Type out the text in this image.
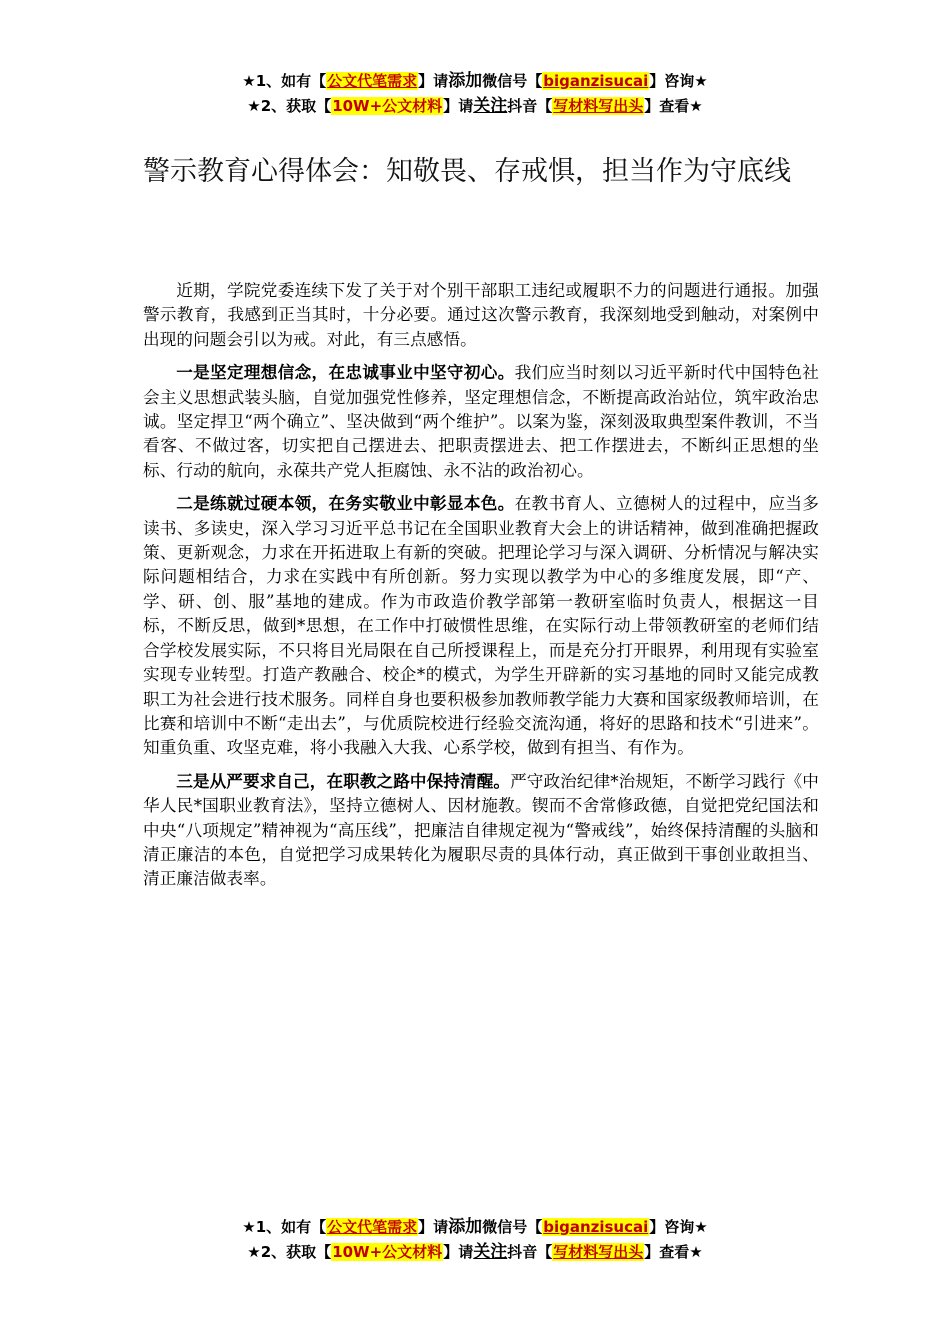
★1、如有【公文代笔需求】请添加微信号【biganzisucai】咨询★
★2、获取【10W+公文材料】请关注抖音【写材料写出头】查看★
警示教育心得体会：知敬畏、存戒惧，担当作为守底线

近期，学院党委连续下发了关于对个别干部职工违纪或履职不力的问题进行通报。加强警示教育，我感到正当其时，十分必要。通过这次警示教育，我深刻地受到触动，对案例中出现的问题会引以为戒。对此，有三点感悟。

一是坚定理想信念，在忠诚事业中坚守初心。我们应当时刻以习近平新时代中国特色社会主义思想武装头脑，自觉加强党性修养，坚定理想信念，不断提高政治站位，筑牢政治忠诚。坚定捍卫“两个确立”、坚决做到“两个维护”。以案为鉴，深刻汲取典型案件教训，不当看客、不做过客，切实把自己摆进去、把职责摆进去、把工作摆进去，不断纠正思想的坐标、行动的航向，永葆共产党人拒腐蚀、永不沾的政治初心。

二是练就过硬本领，在务实敬业中彰显本色。在教书育人、立德树人的过程中，应当多读书、多读史，深入学习习近平总书记在全国职业教育大会上的讲话精神，做到准确把握政策、更新观念，力求在开拓进取上有新的突破。把理论学习与深入调研、分析情况与解决实际问题相结合，力求在实践中有所创新。努力实现以教学为中心的多维度发展，即“产、学、研、创、服”基地的建成。作为市政造价教学部第一教研室临时负责人，根据这一目标，不断反思，做到*思想，在工作中打破惯性思维，在实际行动上带领教研室的老师们结合学校发展实际，不只将目光局限在自己所授课程上，而是充分打开眼界，利用现有实验室实现专业转型。打造产教融合、校企*的模式，为学生开辟新的实习基地的同时又能完成教职工为社会进行技术服务。同样自身也要积极参加教师教学能力大赛和国家级教师培训，在比赛和培训中不断“走出去”，与优质院校进行经验交流沟通，将好的思路和技术“引进来”。知重负重、攻坚克难，将小我融入大我、心系学校，做到有担当、有作为。

三是从严要求自己，在职教之路中保持清醒。严守政治纪律*治规矩，不断学习践行《中华人民*国职业教育法》，坚持立德树人、因材施教。锲而不舍常修政德，自觉把党纪国法和中央“八项规定”精神视为“高压线”，把廉洁自律规定视为“警戒线”，始终保持清醒的头脑和清正廉洁的本色，自觉把学习成果转化为履职尽责的具体行动，真正做到干事创业敢担当、清正廉洁做表率。

★1、如有【公文代笔需求】请添加微信号【biganzisucai】咨询★
★2、获取【10W+公文材料】请关注抖音【写材料写出头】查看★
